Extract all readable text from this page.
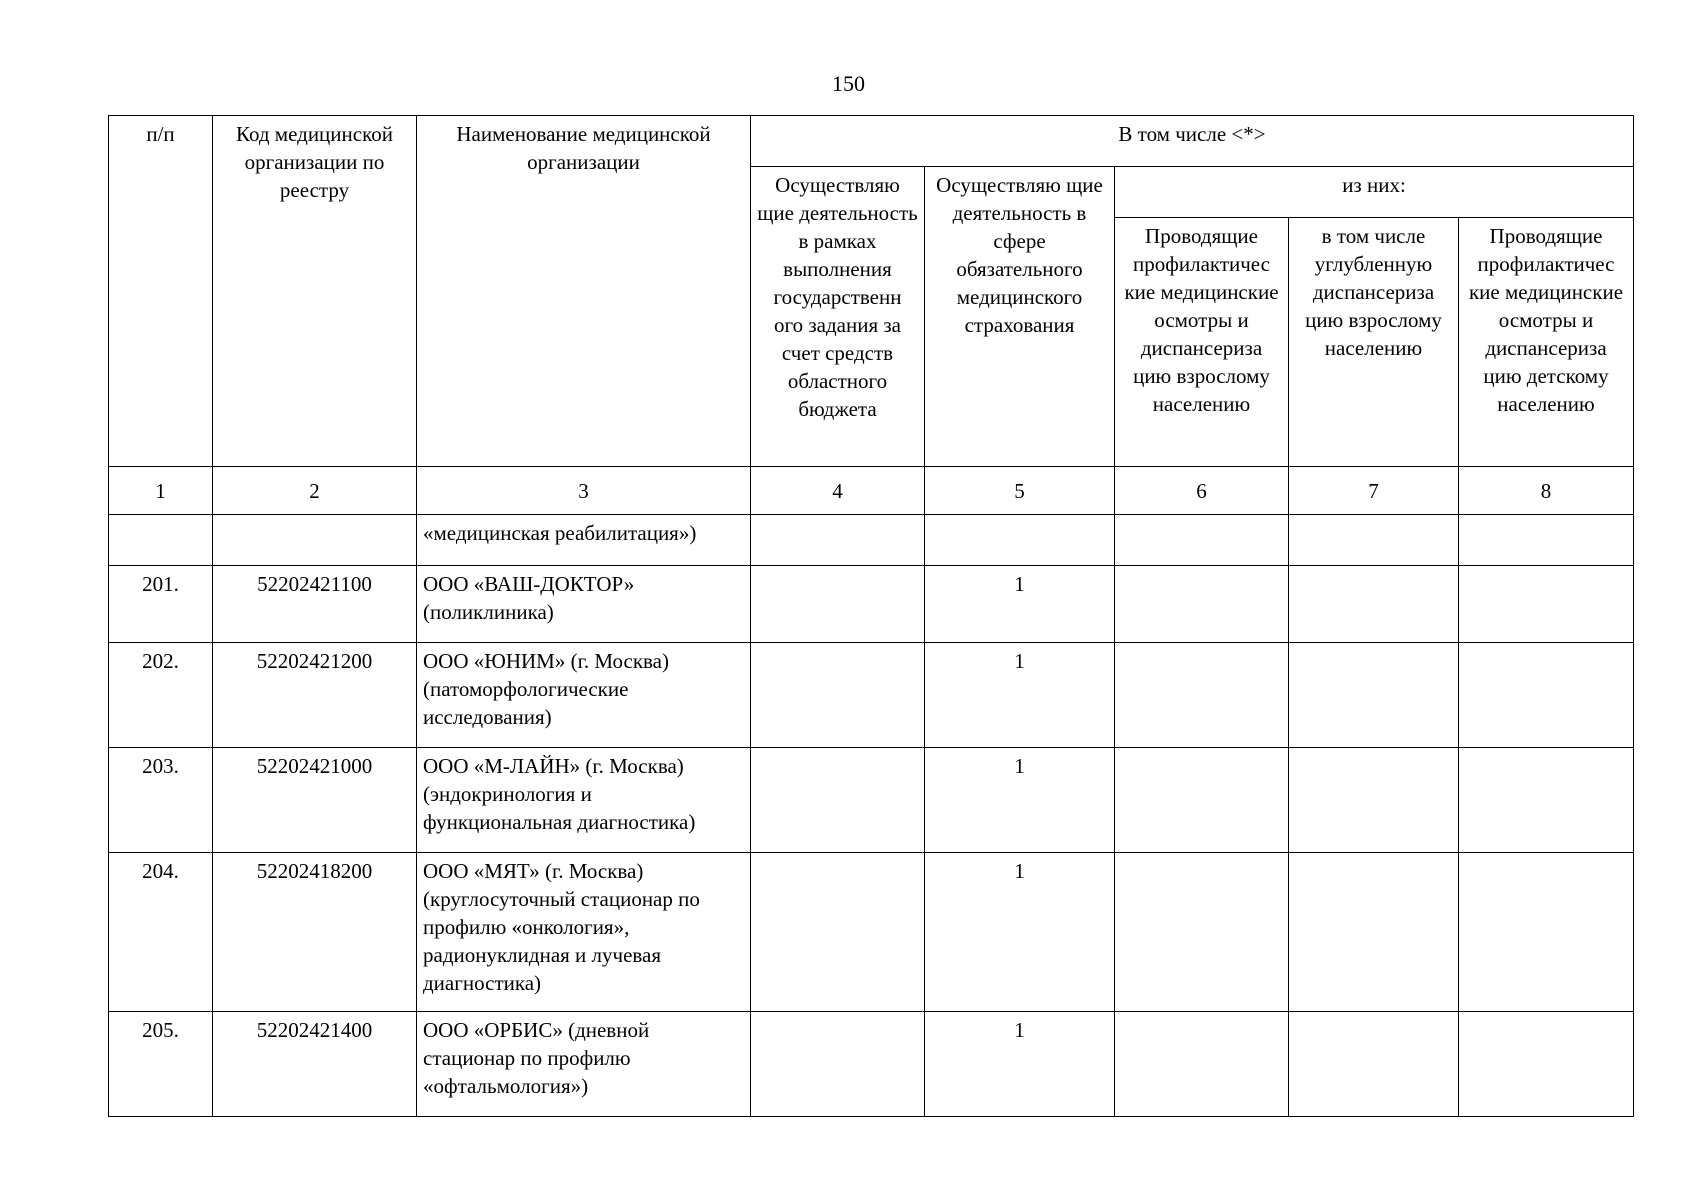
150
п/п	Код медицинской организации по реестру	Наименование медицинской организации	В том числе <*>				
			Осуществляю щие деятельность в рамках выполнения государственн ого задания за счет средств областного бюджета	Осуществляю щие деятельность в сфере обязательного медицинского страхования	из них:		
					Проводящие профилактичес кие медицинские осмотры и диспансериза цию взрослому населению	в том числе углубленную диспансериза цию взрослому населению	Проводящие профилактичес кие медицинские осмотры и диспансериза цию детскому населению
1	2	3	4	5	6	7	8
		«медицинская реабилитация»)					
201.	52202421100	ООО «ВАШ-ДОКТОР» (поликлиника)		1			
202.	52202421200	ООО «ЮНИМ» (г. Москва) (патоморфологические исследования)		1			
203.	52202421000	ООО «М-ЛАЙН» (г. Москва) (эндокринология и функциональная диагностика)		1			
204.	52202418200	ООО «МЯТ» (г. Москва) (круглосуточный стационар по профилю «онкология», радионуклидная и лучевая диагностика)		1			
205.	52202421400	ООО «ОРБИС» (дневной стационар по профилю «офтальмология»)		1			
